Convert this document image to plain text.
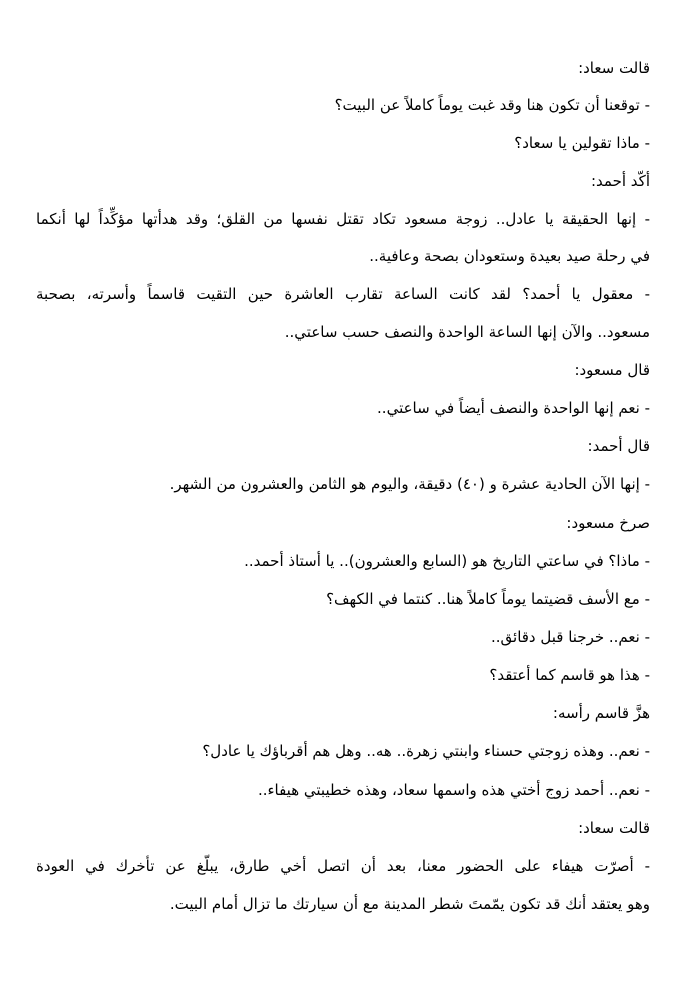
قالت سعاد:
- توقعنا أن تكون هنا وقد غبت يوماً كاملاً عن البيت؟
- ماذا تقولين يا سعاد؟
أكّد أحمد:
- إنها الحقيقة يا عادل.. زوجة مسعود تكاد تقتل نفسها من القلق؛ وقد هدأتها مؤكِّداً لها أنكما
في رحلة صيد بعيدة وستعودان بصحة وعافية..
- معقول يا أحمد؟ لقد كانت الساعة تقارب العاشرة حين التقيت قاسماً وأسرته، بصحبة
مسعود.. والآن إنها الساعة الواحدة والنصف حسب ساعتي..
قال مسعود:
- نعم إنها الواحدة والنصف أيضاً في ساعتي..
قال أحمد:
- إنها الآن الحادية عشرة و (٤٠) دقيقة، واليوم هو الثامن والعشرون من الشهر.
صرخ مسعود:
- ماذا؟ في ساعتي التاريخ هو (السابع والعشرون).. يا أستاذ أحمد..
- مع الأسف قضيتما يوماً كاملاً هنا.. كنتما في الكهف؟
- نعم.. خرجنا قبل دقائق..
- هذا هو قاسم كما أعتقد؟
هزَّ قاسم رأسه:
- نعم.. وهذه زوجتي حسناء وابنتي زهرة.. هه.. وهل هم أقرباؤك يا عادل؟
- نعم.. أحمد زوج أختي هذه واسمها سعاد، وهذه خطيبتي هيفاء..
قالت سعاد:
- أصرّت هيفاء على الحضور معنا، بعد أن اتصل أخي طارق، يبلّغ عن تأخرك في العودة
وهو يعتقد أنك قد تكون يمّمتَ شطر المدينة مع أن سيارتك ما تزال أمام البيت.
